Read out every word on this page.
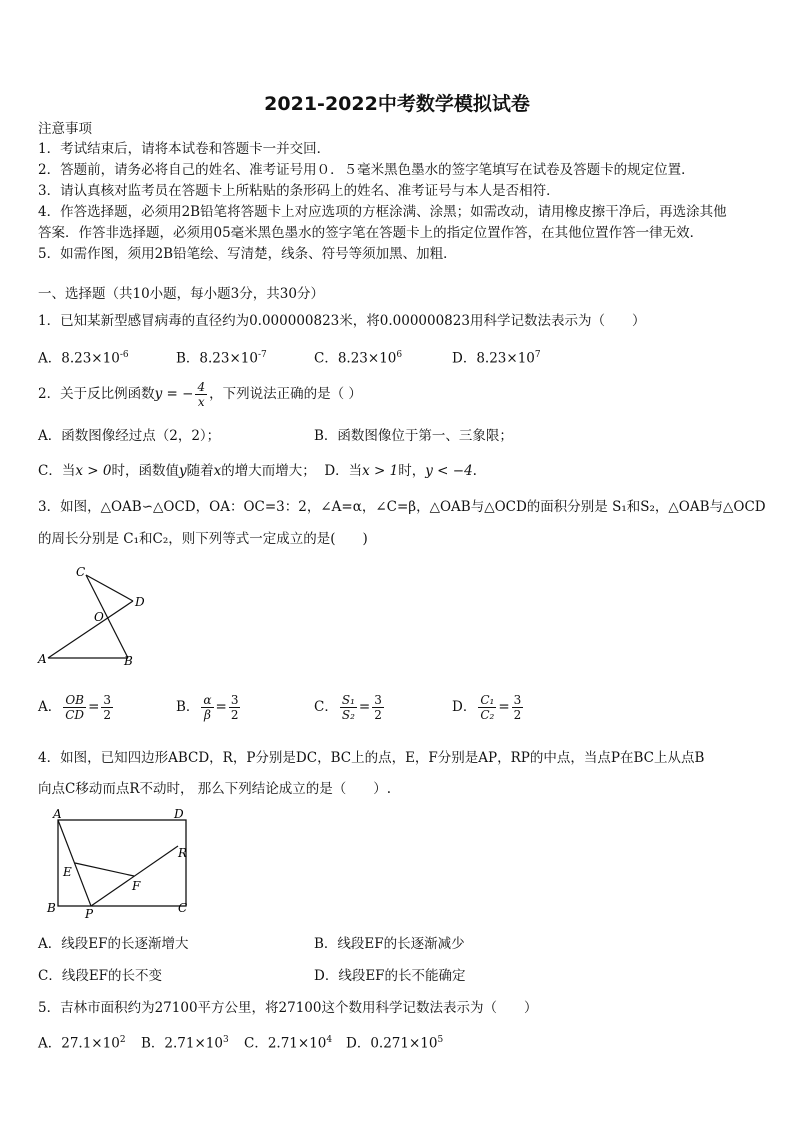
2021-2022中考数学模拟试卷
注意事项
1．考试结束后，请将本试卷和答题卡一并交回．
2．答题前，请务必将自己的姓名、准考证号用０．５毫米黑色墨水的签字笔填写在试卷及答题卡的规定位置．
3．请认真核对监考员在答题卡上所粘贴的条形码上的姓名、准考证号与本人是否相符．
4．作答选择题，必须用2B铅笔将答题卡上对应选项的方框涂满、涂黑；如需改动，请用橡皮擦干净后，再选涂其他
答案．作答非选择题，必须用05毫米黑色墨水的签字笔在答题卡上的指定位置作答，在其他位置作答一律无效．
5．如需作图，须用2B铅笔绘、写清楚，线条、符号等须加黑、加粗．
一、选择题（共10小题，每小题3分，共30分）
1．已知某新型感冒病毒的直径约为0.000000823米，将0.000000823用科学记数法表示为（　　）
A．$8.23\times 10^{-6}$	B．$8.23\times 10^{-7}$	C．$8.23\times 10^6$	D．$8.23\times 10^7$
2．关于反比例函数y = − $\frac{4}{x}$ ，下列说法正确的是（ ）
A．函数图像经过点（2，2）；	B．函数图像位于第一、三象限；
C．当x > 0时，函数值y随着x的增大而增大； D．当x > 1时，y < −4.
3．如图，△OAB∽△OCD，OA：OC=3：2，∠A=α，∠C=β，△OAB与△OCD的面积分别是 S₁和S₂，△OAB与△OCD
的周长分别是 C₁和C₂，则下列等式一定成立的是(　　)
C
D
O
A	B
A． $\frac{OB}{CD} = \frac{3}{2}$	B． $\frac{\alpha}{\beta} = \frac{3}{2}$	C． $\frac{\text{S₁}}{\text{S₂}} = \frac{3}{2}$	D． $\frac{\text{C₁}}{\text{C₂}} = \frac{3}{2}$
4．如图，已知四边形ABCD，R，P分别是DC，BC上的点，E，F分别是AP，RP的中点，当点P在BC上从点B
向点C移动而点R不动时， 那么下列结论成立的是（　　）.
A	D
R
E
F
B P	C
A．线段EF的长逐渐增大	B．线段EF的长逐渐减少
C．线段EF的长不变	D．线段EF的长不能确定
5．吉林市面积约为27100平方公里，将27100这个数用科学记数法表示为（　　）
A．$27.1\times 10^2$ B．$2.71\times 10^3$ C．$2.71\times 10^4$ D．$0.271\times 10^5$
